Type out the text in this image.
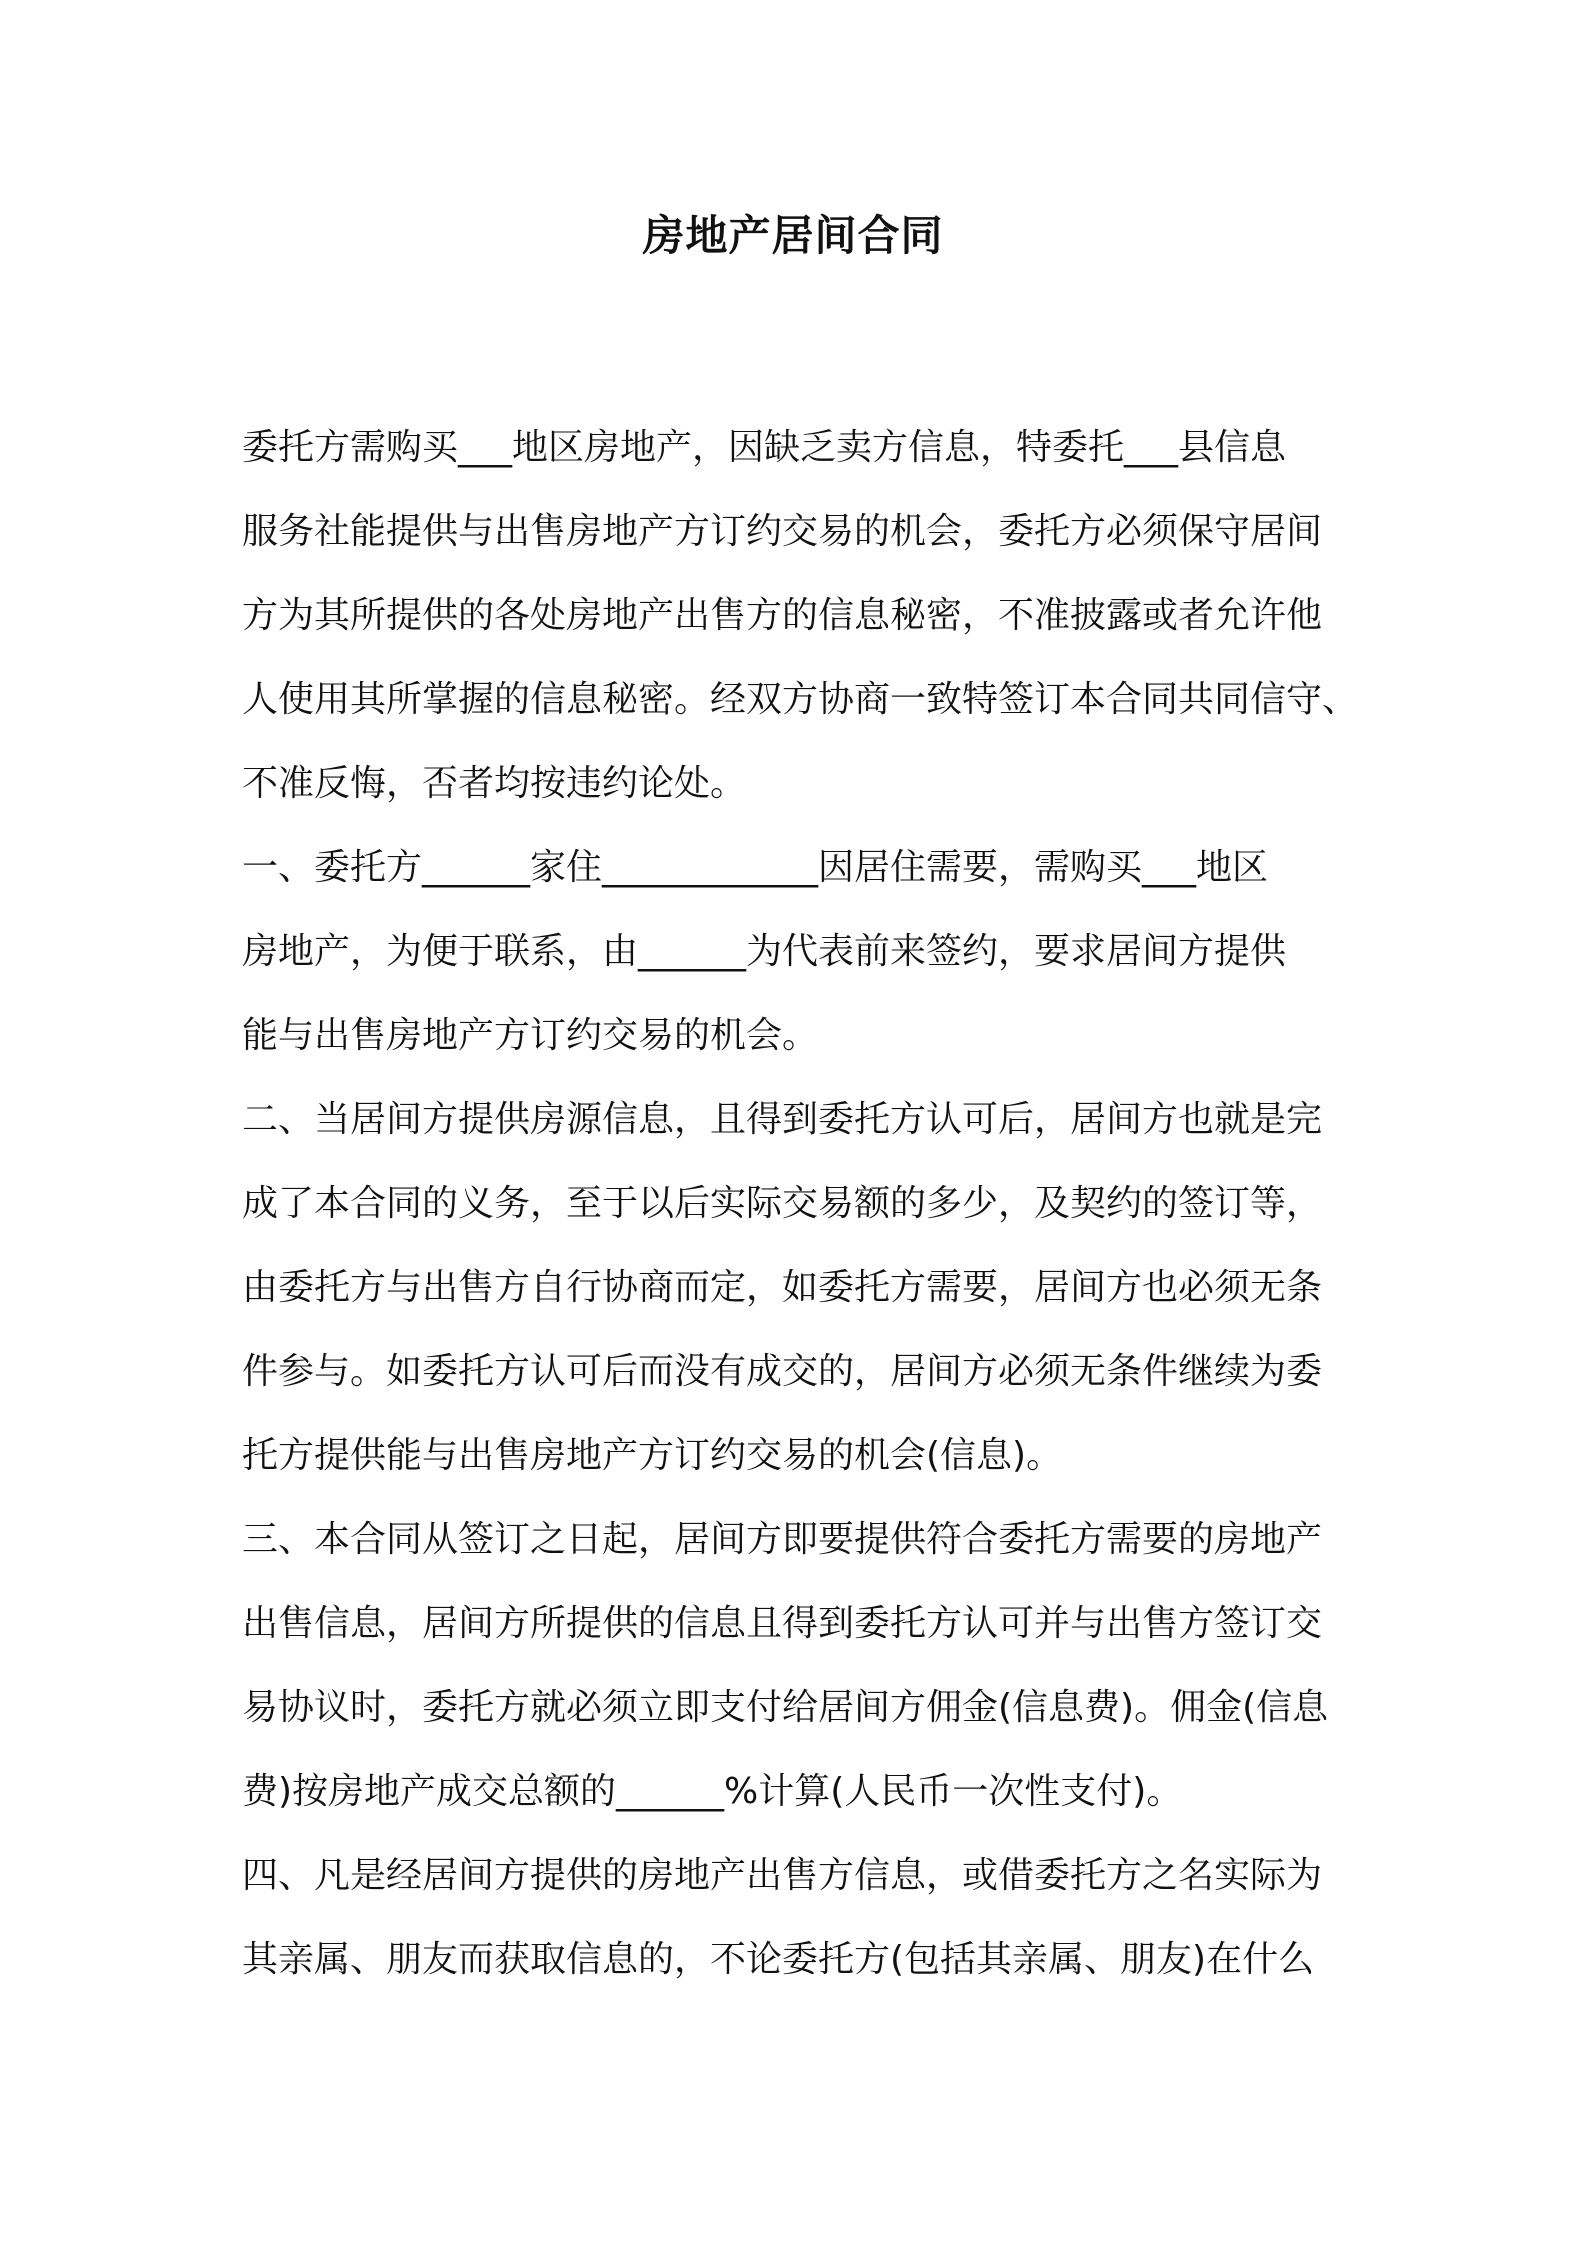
房地产居间合同

委托方需购买___地区房地产，因缺乏卖方信息，特委托___县信息

服务社能提供与出售房地产方订约交易的机会，委托方必须保守居间

方为其所提供的各处房地产出售方的信息秘密，不准披露或者允许他

人使用其所掌握的信息秘密。经双方协商一致特签订本合同共同信守、

不准反悔，否者均按违约论处。

一、委托方______家住____________因居住需要，需购买___地区

房地产，为便于联系，由______为代表前来签约，要求居间方提供

能与出售房地产方订约交易的机会。

二、当居间方提供房源信息，且得到委托方认可后，居间方也就是完

成了本合同的义务，至于以后实际交易额的多少，及契约的签订等，

由委托方与出售方自行协商而定，如委托方需要，居间方也必须无条

件参与。如委托方认可后而没有成交的，居间方必须无条件继续为委

托方提供能与出售房地产方订约交易的机会(信息)。

三、本合同从签订之日起，居间方即要提供符合委托方需要的房地产

出售信息，居间方所提供的信息且得到委托方认可并与出售方签订交

易协议时，委托方就必须立即支付给居间方佣金(信息费)。佣金(信息

费)按房地产成交总额的______%计算(人民币一次性支付)。

四、凡是经居间方提供的房地产出售方信息，或借委托方之名实际为

其亲属、朋友而获取信息的，不论委托方(包括其亲属、朋友)在什么
